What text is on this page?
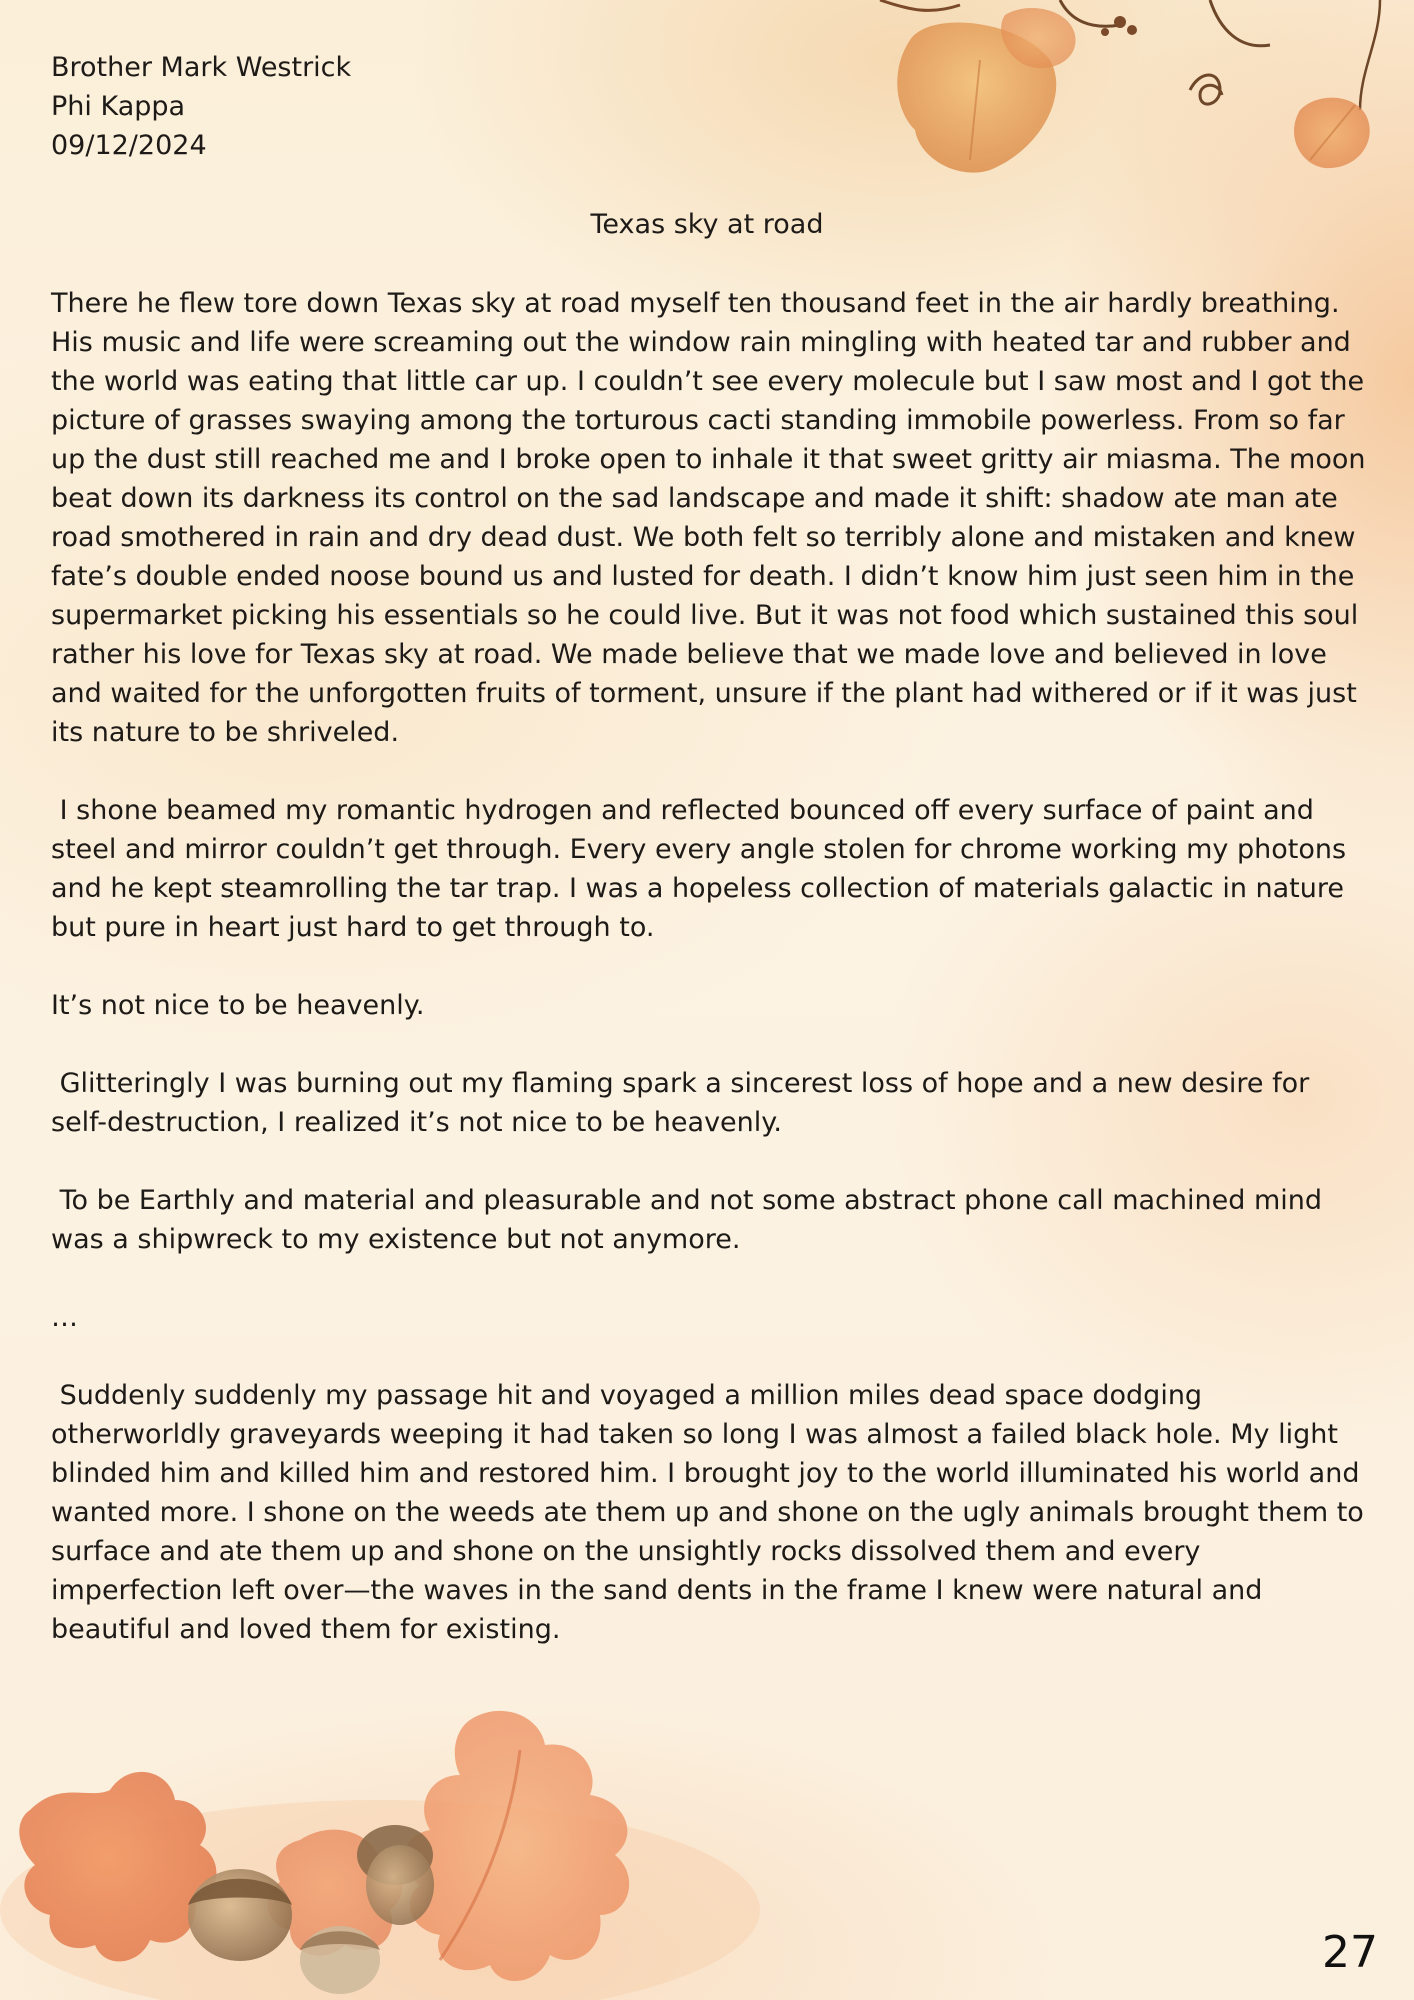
Brother Mark Westrick
Phi Kappa
09/12/2024
Texas sky at road

There he flew tore down Texas sky at road myself ten thousand feet in the air hardly breathing. His music and life were screaming out the window rain mingling with heated tar and rubber and the world was eating that little car up. I couldn’t see every molecule but I saw most and I got the picture of grasses swaying among the torturous cacti standing immobile powerless. From so far up the dust still reached me and I broke open to inhale it that sweet gritty air miasma. The moon beat down its darkness its control on the sad landscape and made it shift: shadow ate man ate road smothered in rain and dry dead dust. We both felt so terribly alone and mistaken and knew fate’s double ended noose bound us and lusted for death. I didn’t know him just seen him in the supermarket picking his essentials so he could live. But it was not food which sustained this soul rather his love for Texas sky at road. We made believe that we made love and believed in love and waited for the unforgotten fruits of torment, unsure if the plant had withered or if it was just its nature to be shriveled.

I shone beamed my romantic hydrogen and reflected bounced off every surface of paint and steel and mirror couldn’t get through. Every every angle stolen for chrome working my photons and he kept steamrolling the tar trap. I was a hopeless collection of materials galactic in nature but pure in heart just hard to get through to.

It’s not nice to be heavenly.

Glitteringly I was burning out my flaming spark a sincerest loss of hope and a new desire for self-destruction, I realized it’s not nice to be heavenly.

To be Earthly and material and pleasurable and not some abstract phone call machined mind was a shipwreck to my existence but not anymore.

…

Suddenly suddenly my passage hit and voyaged a million miles dead space dodging otherworldly graveyards weeping it had taken so long I was almost a failed black hole. My light blinded him and killed him and restored him. I brought joy to the world illuminated his world and wanted more. I shone on the weeds ate them up and shone on the ugly animals brought them to surface and ate them up and shone on the unsightly rocks dissolved them and every imperfection left over—the waves in the sand dents in the frame I knew were natural and beautiful and loved them for existing.

27
